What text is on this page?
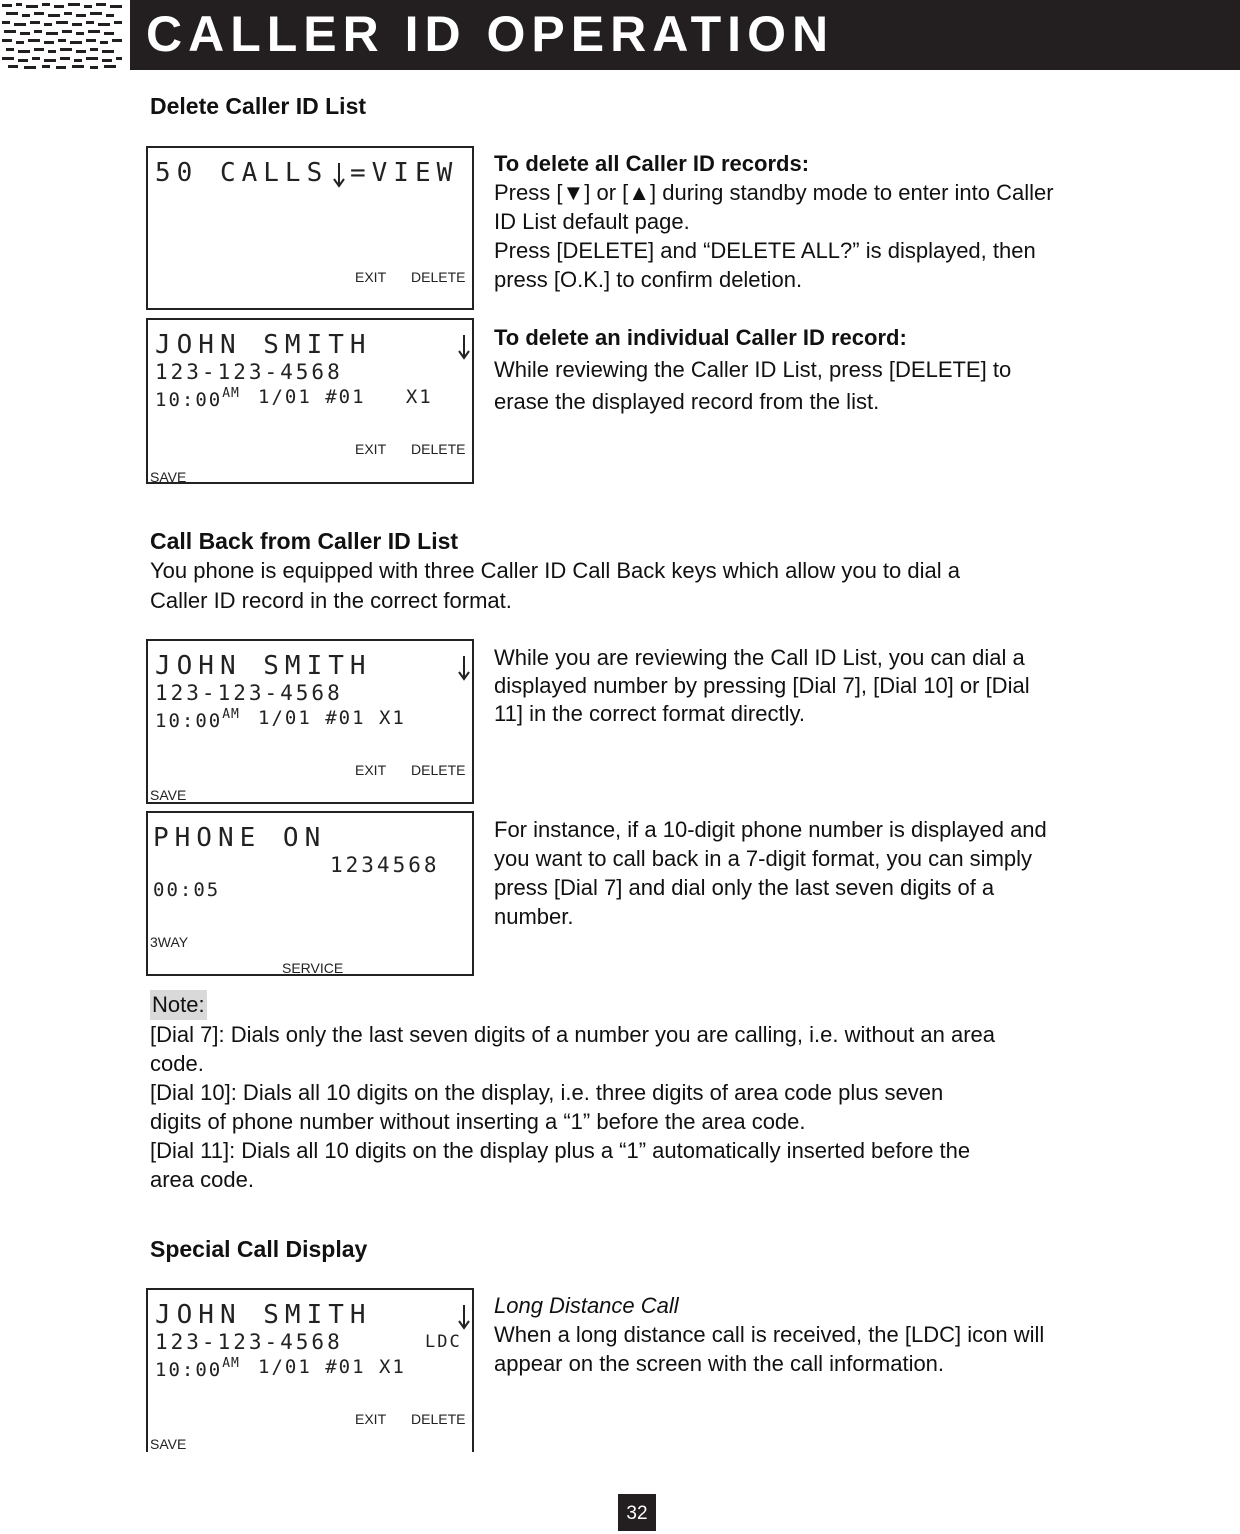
CALLER ID OPERATION
Delete Caller ID List
50 CALLS =VIEW
EXIT DELETE
JOHN SMITH
123-123-4568
$10:00^{AM}$ 1/01 #01   X1
EXIT DELETE
SAVE
To delete all Caller ID records:
Press [▼] or [▲] during standby mode to enter into Caller
ID List default page.
Press [DELETE] and “DELETE ALL?” is displayed, then
press [O.K.] to confirm deletion.
To delete an individual Caller ID record:
While reviewing the Caller ID List, press [DELETE] to
erase the displayed record from the list.
Call Back from Caller ID List
You phone is equipped with three Caller ID Call Back keys which allow you to dial a
Caller ID record in the correct format.
JOHN SMITH
123-123-4568
$10:00^{AM}$ 1/01 #01 X1
EXIT DELETE
SAVE
PHONE ON
1234568
00:05
3WAY
SERVICE
While you are reviewing the Call ID List, you can dial a
displayed number by pressing [Dial 7], [Dial 10] or [Dial
11] in the correct format directly.
For instance, if a 10-digit phone number is displayed and
you want to call back in a 7-digit format, you can simply
press [Dial 7] and dial only the last seven digits of a
number.
Note:
[Dial 7]: Dials only the last seven digits of a number you are calling, i.e. without an area
code.
[Dial 10]: Dials all 10 digits on the display, i.e. three digits of area code plus seven
digits of phone number without inserting a “1” before the area code.
[Dial 11]: Dials all 10 digits on the display plus a “1” automatically inserted before the
area code.
Special Call Display
JOHN SMITH
123-123-4568	LDC
$10:00^{AM}$ 1/01 #01 X1
EXIT DELETE
SAVE
Long Distance Call
When a long distance call is received, the [LDC] icon will
appear on the screen with the call information.
32
